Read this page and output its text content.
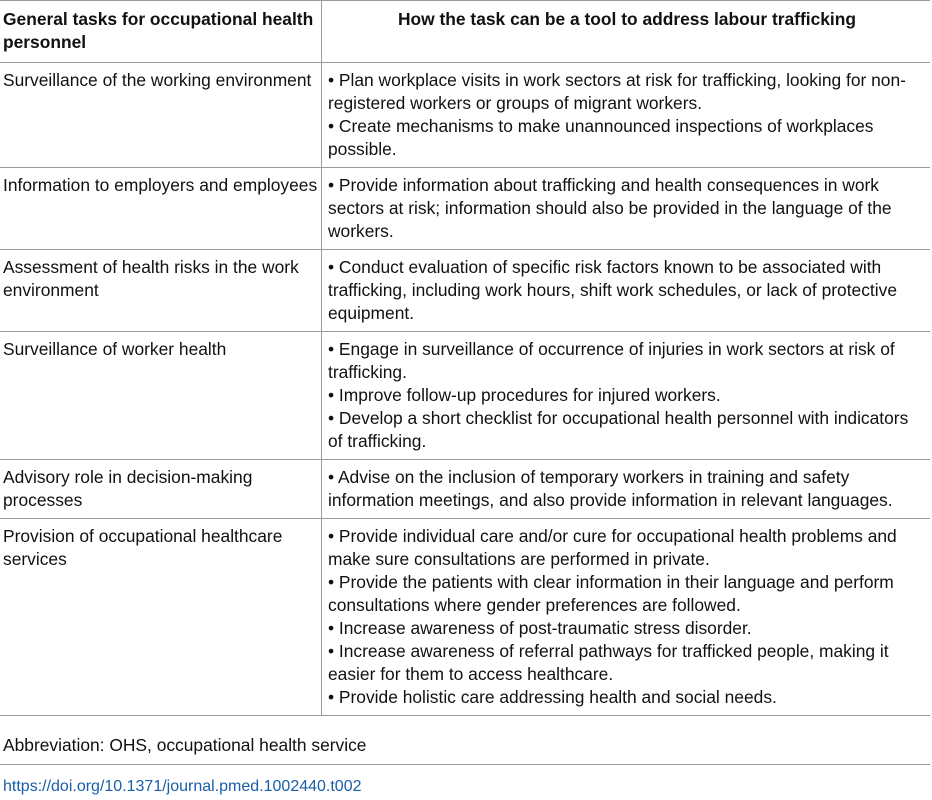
General tasks for occupational health personnel	How the task can be a tool to address labour trafficking
Surveillance of the working environment	• Plan workplace visits in work sectors at risk for trafficking, looking for non-registered workers or groups of migrant workers.
• Create mechanisms to make unannounced inspections of workplaces possible.

Information to employers and employees	• Provide information about trafficking and health consequences in work sectors at risk; information should also be provided in the language of the workers.

Assessment of health risks in the work environment	• Conduct evaluation of specific risk factors known to be associated with trafficking, including work hours, shift work schedules, or lack of protective equipment.

Surveillance of worker health	• Engage in surveillance of occurrence of injuries in work sectors at risk of trafficking.
• Improve follow-up procedures for injured workers.
• Develop a short checklist for occupational health personnel with indicators of trafficking.

Advisory role in decision-making processes	• Advise on the inclusion of temporary workers in training and safety information meetings, and also provide information in relevant languages.

Provision of occupational healthcare services	• Provide individual care and/or cure for occupational health problems and make sure consultations are performed in private.
• Provide the patients with clear information in their language and perform consultations where gender preferences are followed.
• Increase awareness of post-traumatic stress disorder.
• Increase awareness of referral pathways for trafficked people, making it easier for them to access healthcare.
• Provide holistic care addressing health and social needs.
Abbreviation: OHS, occupational health service
https://doi.org/10.1371/journal.pmed.1002440.t002
